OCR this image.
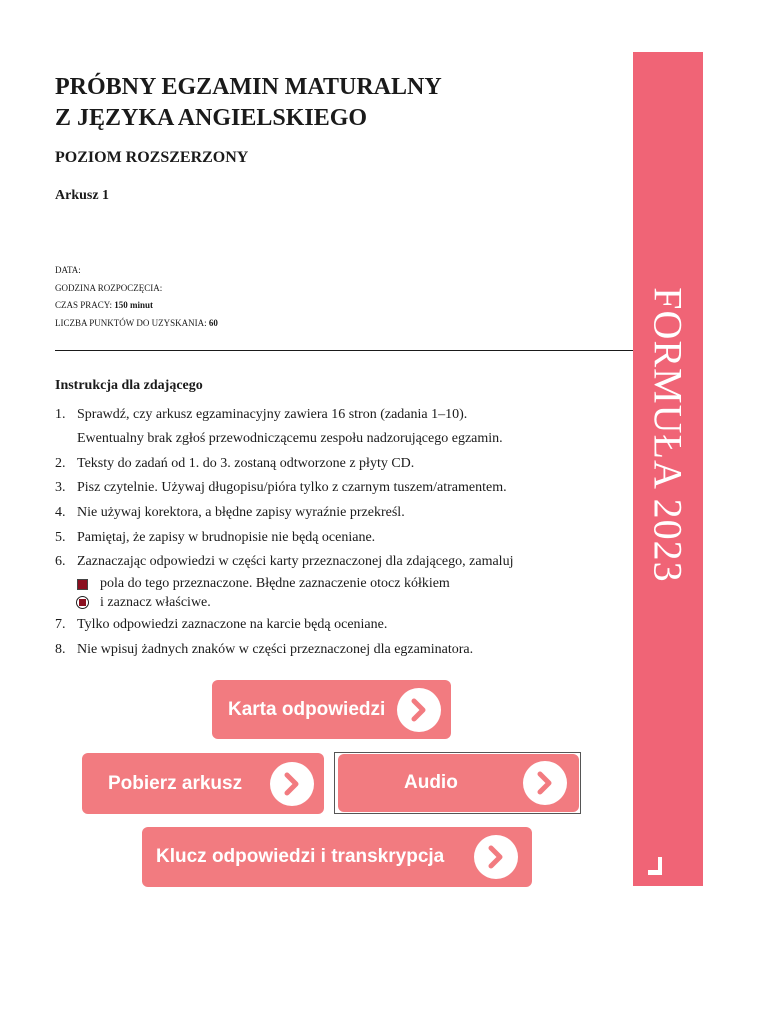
PRÓBNY EGZAMIN MATURALNY
Z JĘZYKA ANGIELSKIEGO
POZIOM ROZSZERZONY
Arkusz 1
DATA:
GODZINA ROZPOCZĘCIA:
CZAS PRACY: 150 minut
LICZBA PUNKTÓW DO UZYSKANIA: 60
Instrukcja dla zdającego
1. Sprawdź, czy arkusz egzaminacyjny zawiera 16 stron (zadania 1–10).
Ewentualny brak zgłoś przewodniczącemu zespołu nadzorującego egzamin.
2. Teksty do zadań od 1. do 3. zostaną odtworzone z płyty CD.
3. Pisz czytelnie. Używaj długopisu/pióra tylko z czarnym tuszem/atramentem.
4. Nie używaj korektora, a błędne zapisy wyraźnie przekreśl.
5. Pamiętaj, że zapisy w brudnopisie nie będą oceniane.
6. Zaznaczając odpowiedzi w części karty przeznaczonej dla zdającego, zamaluj
pola do tego przeznaczone. Błędne zaznaczenie otocz kółkiem
i zaznacz właściwe.
7. Tylko odpowiedzi zaznaczone na karcie będą oceniane.
8. Nie wpisuj żadnych znaków w części przeznaczonej dla egzaminatora.
FORMUŁA 2023
Karta odpowiedzi
Pobierz arkusz	Audio
Klucz odpowiedzi i transkrypcja
